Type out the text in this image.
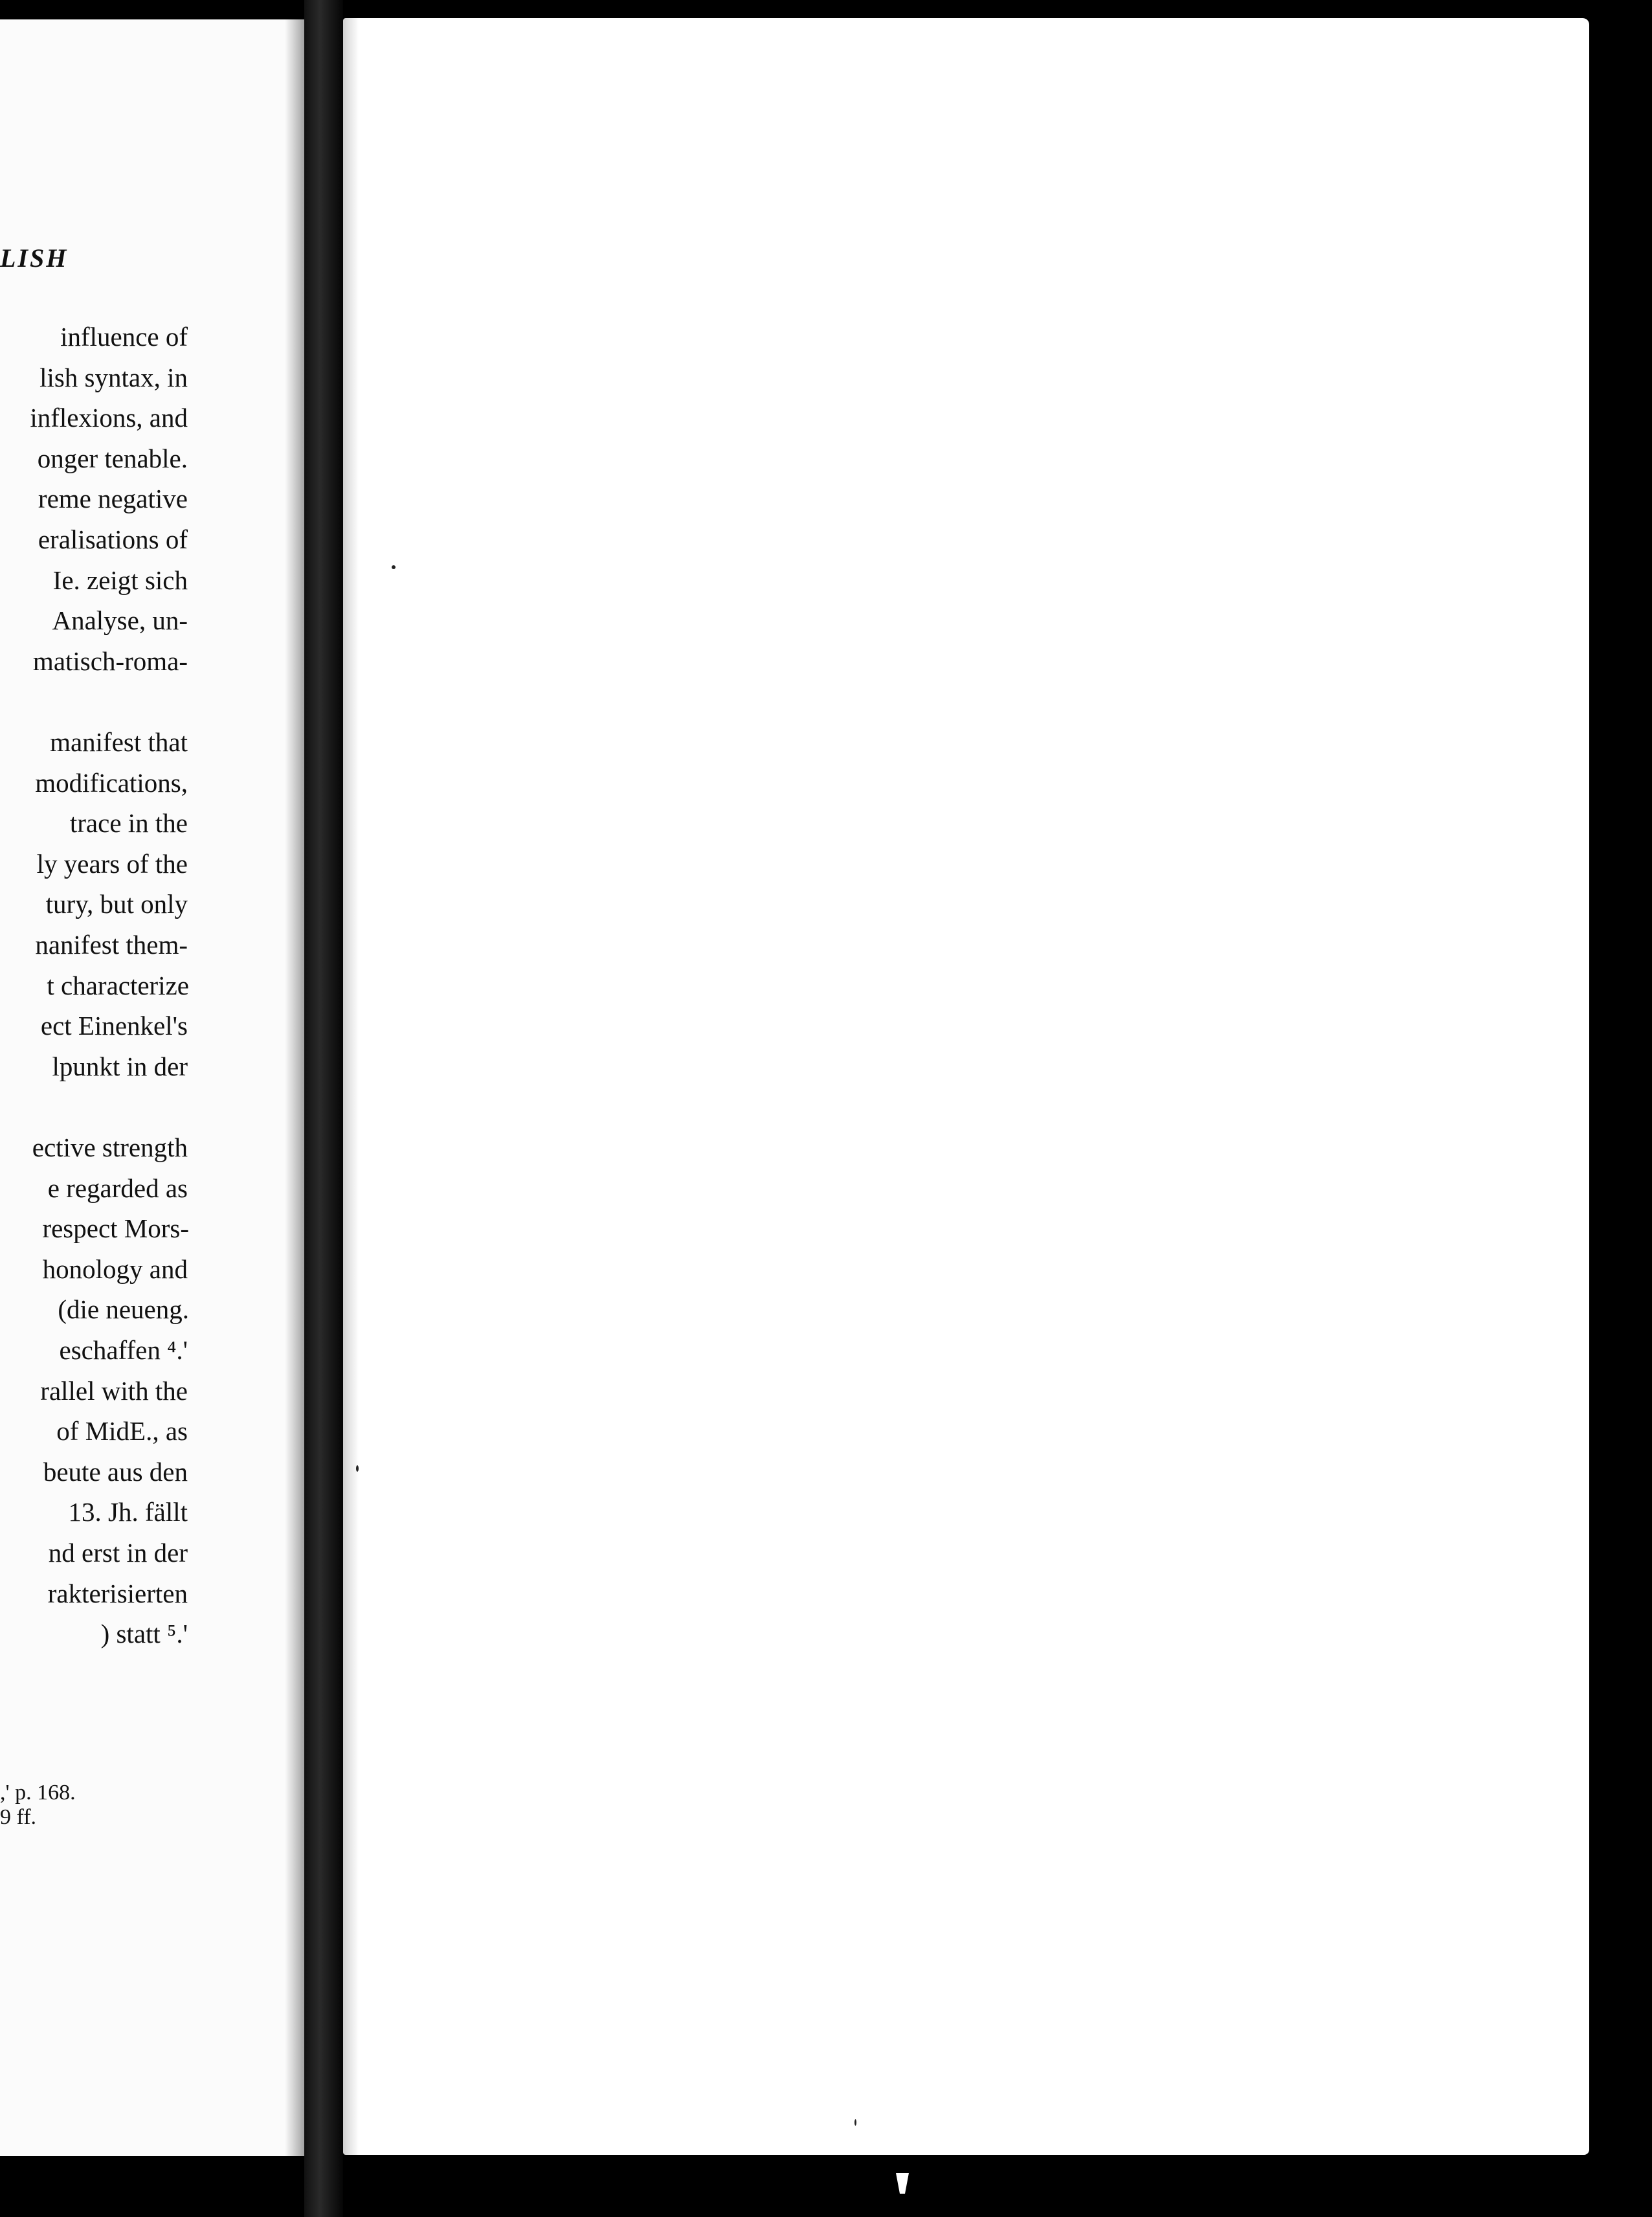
LISH
influence of
lish syntax, in
inflexions, and
onger tenable.
reme negative
eralisations of
Ie. zeigt sich
Analyse, un-
matisch-roma-
manifest that
modifications,
trace in the
ly years of the
tury, but only
nanifest them-
t characterize
ect Einenkel's
lpunkt in der
ective strength
e regarded as
respect Mors-
honology and
(die neueng.
eschaffen ⁴.'
rallel with the
of MidE., as
beute aus den
13. Jh. fällt
nd erst in der
rakterisierten
) statt ⁵.'
,' p. 168.
9 ff.
